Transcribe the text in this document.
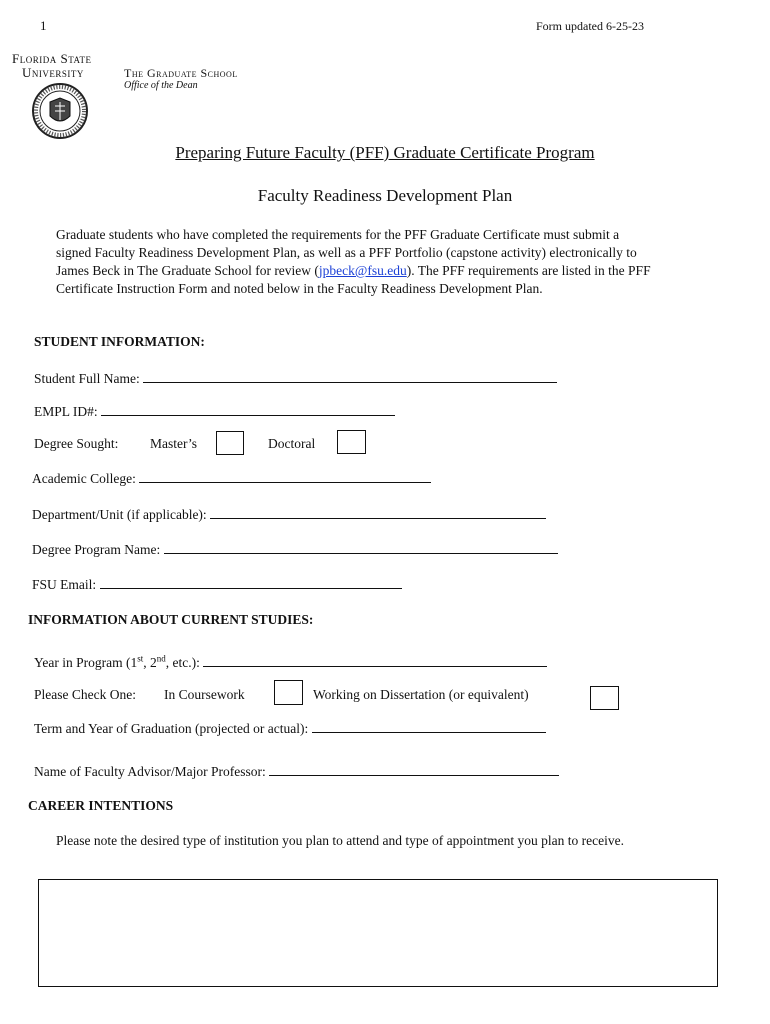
1	Form updated 6-25-23
Florida State
University	The Graduate School
Office of the Dean
Preparing Future Faculty (PFF) Graduate Certificate Program
Faculty Readiness Development Plan
Graduate students who have completed the requirements for the PFF Graduate Certificate must submit a signed Faculty Readiness Development Plan, as well as a PFF Portfolio (capstone activity) electronically to James Beck in The Graduate School for review (jpbeck@fsu.edu). The PFF requirements are listed in the PFF Certificate Instruction Form and noted below in the Faculty Readiness Development Plan.
STUDENT INFORMATION:
Student Full Name:
EMPL ID#:
Degree Sought: Master’s	Doctoral
Academic College:
Department/Unit (if applicable):
Degree Program Name:
FSU Email:
INFORMATION ABOUT CURRENT STUDIES:
Year in Program (1st, 2nd, etc.):
Please Check One: In Coursework	Working on Dissertation (or equivalent)
Term and Year of Graduation (projected or actual):
Name of Faculty Advisor/Major Professor:
CAREER INTENTIONS
Please note the desired type of institution you plan to attend and type of appointment you plan to receive.
